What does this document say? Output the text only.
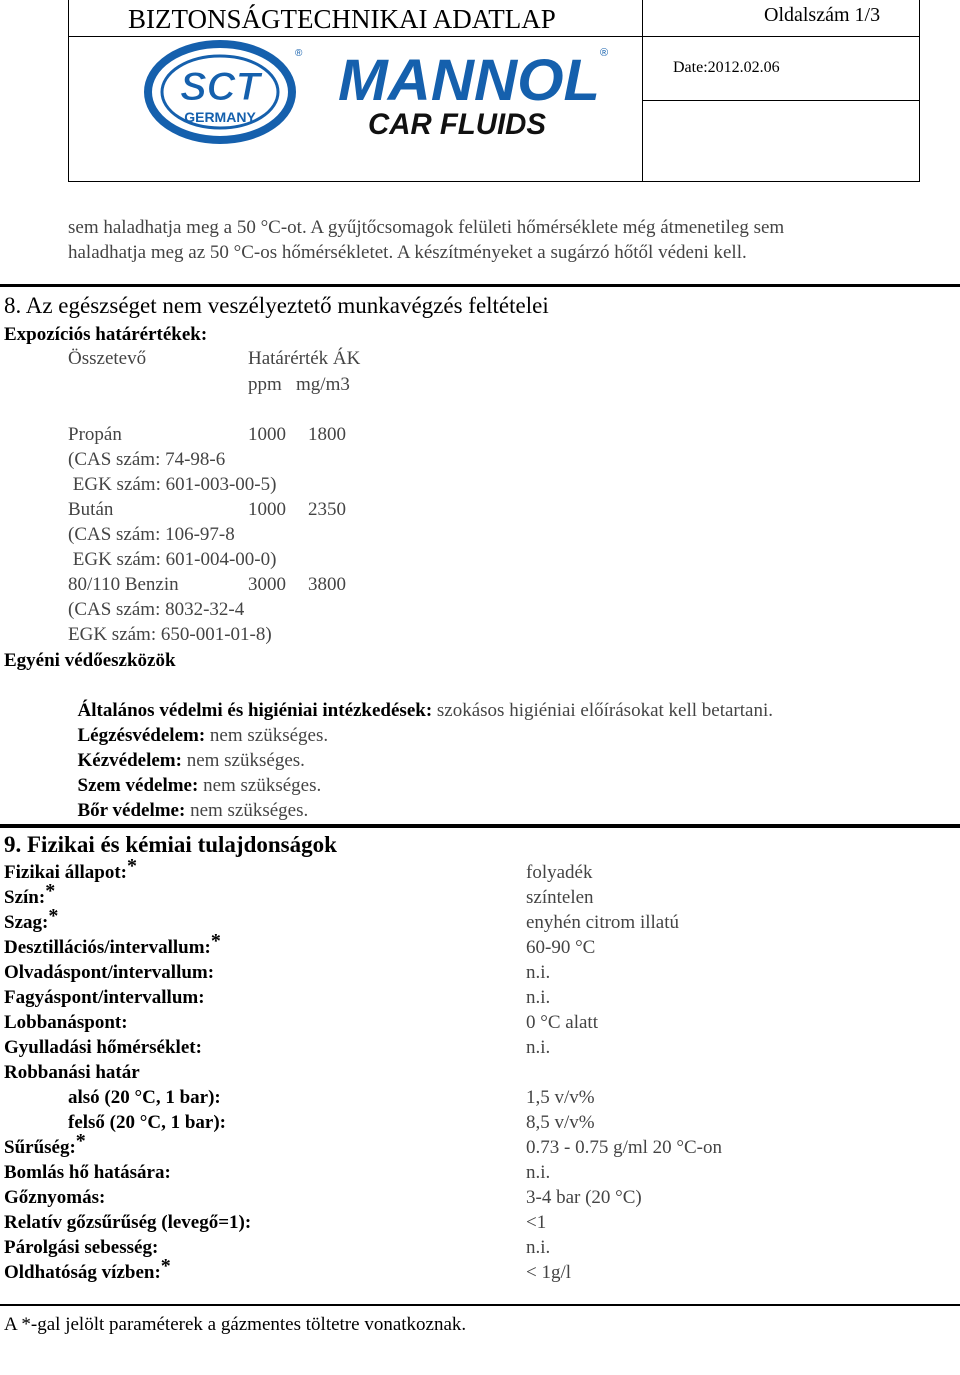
BIZTONSÁGTECHNIKAI ADATLAP	Oldalszám 1/3
Date:2012.02.06
SCT
GERMANY
® MANNOL ®
CAR FLUIDS
sem haladhatja meg a 50 °C-ot. A gyűjtőcsomagok felületi hőmérséklete még átmenetileg sem
haladhatja meg az 50 °C-os hőmérsékletet. A készítményeket a sugárzó hőtől védeni kell.
8. Az egészséget nem veszélyeztető munkavégzés feltételei
Expozíciós határértékek:
Összetevő	Határérték ÁK
ppm   mg/m3
Propán	1000 1800
(CAS szám: 74-98-6
EGK szám: 601-003-00-5)
Bután	1000 2350
(CAS szám: 106-97-8
EGK szám: 601-004-00-0)
80/110 Benzin	3000 3800
(CAS szám: 8032-32-4
EGK szám: 650-001-01-8)
Egyéni védőeszközök

Általános védelmi és higiéniai intézkedések: szokásos higiéniai előírásokat kell betartani.

Légzésvédelem: nem szükséges.

Kézvédelem: nem szükséges.

Szem védelme: nem szükséges.

Bőr védelme: nem szükséges.

9. Fizikai és kémiai tulajdonságok
Fizikai állapot:*	folyadék
Szín:*	színtelen
Szag:*	enyhén citrom illatú
Desztillációs/intervallum:*	60-90 °C
Olvadáspont/intervallum:	n.i.
Fagyáspont/intervallum:	n.i.
Lobbanáspont:	0 °C alatt
Gyulladási hőmérséklet:	n.i.
Robbanási határ
alsó (20 °C, 1 bar):	1,5 v/v%
felső (20 °C, 1 bar):	8,5 v/v%
Sűrűség:*	0.73 - 0.75 g/ml 20 °C-on
Bomlás hő hatására:	n.i.
Gőznyomás:	3-4 bar (20 °C)
Relatív gőzsűrűség (levegő=1):	<1
Párolgási sebesség:	n.i.
Oldhatóság vízben:*	< 1g/l
A *-gal jelölt paraméterek a gázmentes töltetre vonatkoznak.
